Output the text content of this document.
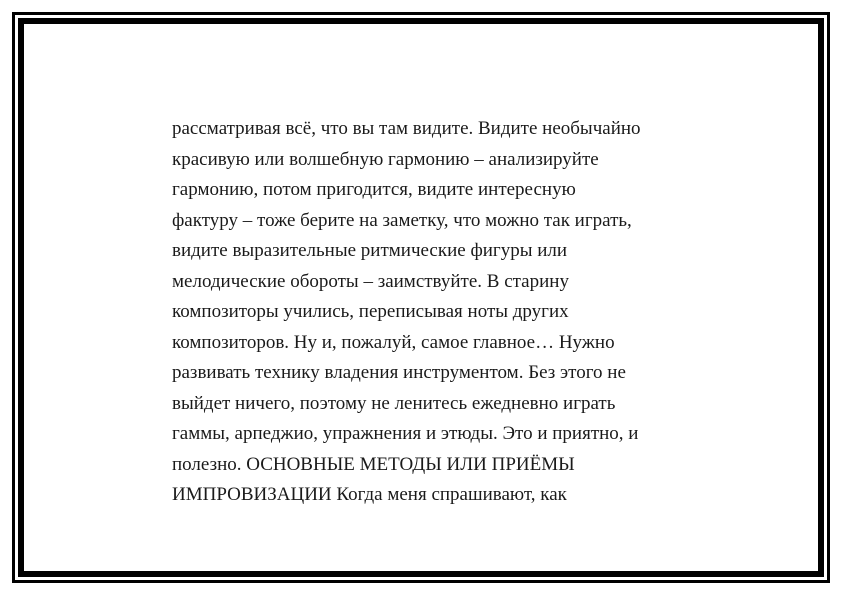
рассматривая всё, что вы там видите. Видите необычайно
красивую или волшебную гармонию – анализируйте
гармонию, потом пригодится, видите интересную
фактуру – тоже берите на заметку, что можно так играть,
видите выразительные ритмические фигуры или
мелодические обороты – заимствуйте. В старину
композиторы учились, переписывая ноты других
композиторов. Ну и, пожалуй, самое главное… Нужно
развивать технику владения инструментом. Без этого не
выйдет ничего, поэтому не ленитесь ежедневно играть
гаммы, арпеджио, упражнения и этюды. Это и приятно, и
полезно. ОСНОВНЫЕ МЕТОДЫ ИЛИ ПРИЁМЫ
ИМПРОВИЗАЦИИ Когда меня спрашивают, как
